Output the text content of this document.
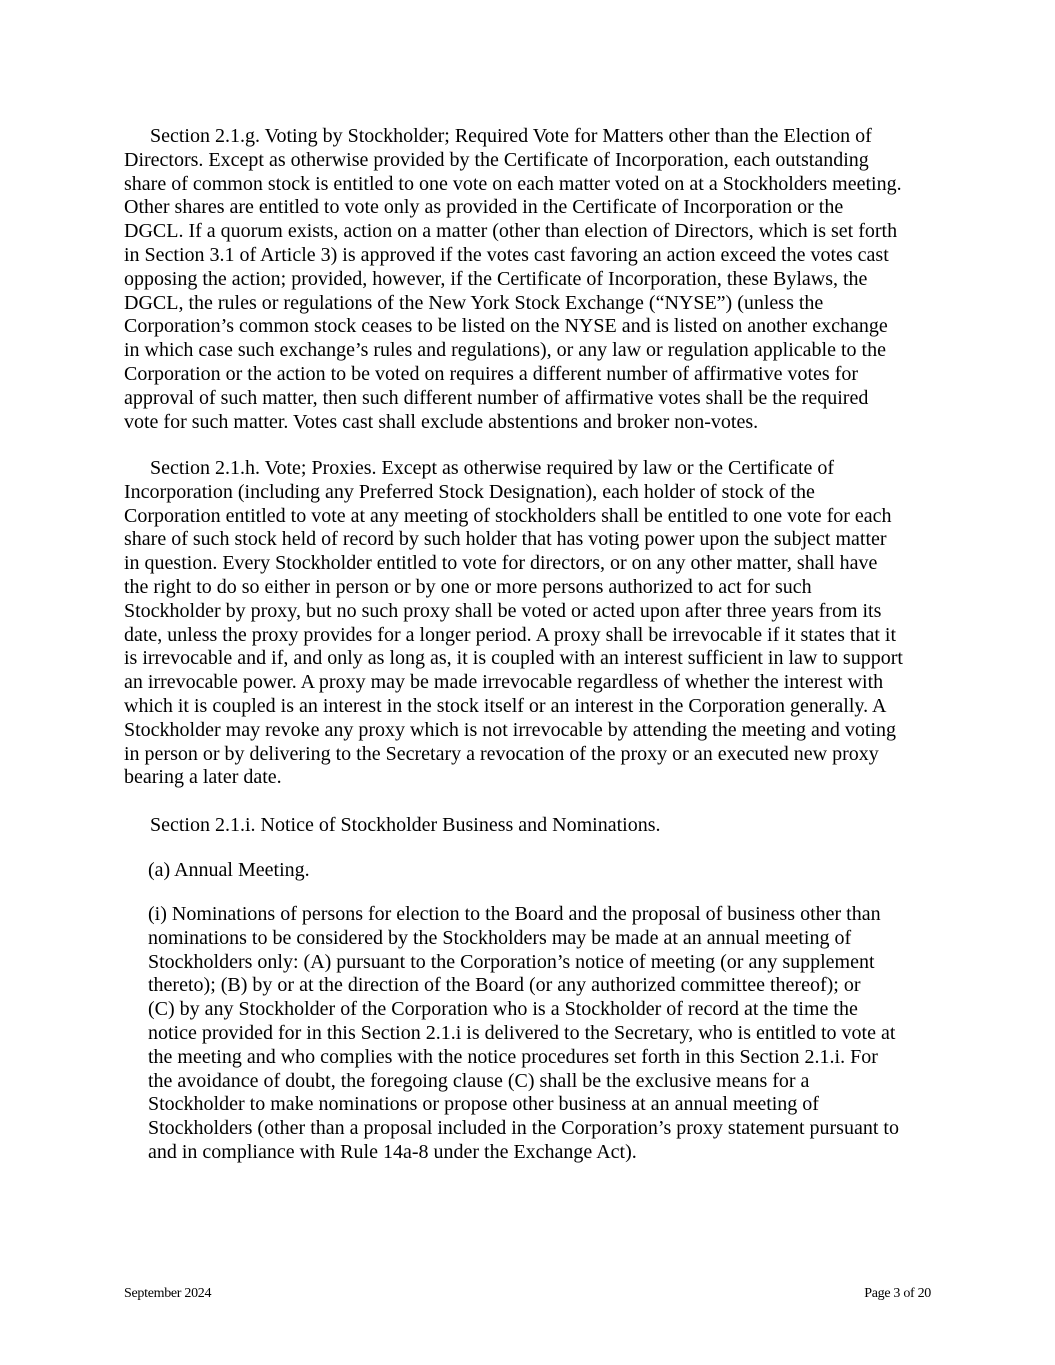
Section 2.1.g. Voting by Stockholder; Required Vote for Matters other than the Election of
Directors. Except as otherwise provided by the Certificate of Incorporation, each outstanding
share of common stock is entitled to one vote on each matter voted on at a Stockholders meeting.
Other shares are entitled to vote only as provided in the Certificate of Incorporation or the
DGCL. If a quorum exists, action on a matter (other than election of Directors, which is set forth
in Section 3.1 of Article 3) is approved if the votes cast favoring an action exceed the votes cast
opposing the action; provided, however, if the Certificate of Incorporation, these Bylaws, the
DGCL, the rules or regulations of the New York Stock Exchange (“NYSE”) (unless the
Corporation’s common stock ceases to be listed on the NYSE and is listed on another exchange
in which case such exchange’s rules and regulations), or any law or regulation applicable to the
Corporation or the action to be voted on requires a different number of affirmative votes for
approval of such matter, then such different number of affirmative votes shall be the required
vote for such matter. Votes cast shall exclude abstentions and broker non-votes.
Section 2.1.h. Vote; Proxies. Except as otherwise required by law or the Certificate of
Incorporation (including any Preferred Stock Designation), each holder of stock of the
Corporation entitled to vote at any meeting of stockholders shall be entitled to one vote for each
share of such stock held of record by such holder that has voting power upon the subject matter
in question. Every Stockholder entitled to vote for directors, or on any other matter, shall have
the right to do so either in person or by one or more persons authorized to act for such
Stockholder by proxy, but no such proxy shall be voted or acted upon after three years from its
date, unless the proxy provides for a longer period. A proxy shall be irrevocable if it states that it
is irrevocable and if, and only as long as, it is coupled with an interest sufficient in law to support
an irrevocable power. A proxy may be made irrevocable regardless of whether the interest with
which it is coupled is an interest in the stock itself or an interest in the Corporation generally. A
Stockholder may revoke any proxy which is not irrevocable by attending the meeting and voting
in person or by delivering to the Secretary a revocation of the proxy or an executed new proxy
bearing a later date.
Section 2.1.i. Notice of Stockholder Business and Nominations.
(a) Annual Meeting.
(i) Nominations of persons for election to the Board and the proposal of business other than
nominations to be considered by the Stockholders may be made at an annual meeting of
Stockholders only: (A) pursuant to the Corporation’s notice of meeting (or any supplement
thereto); (B) by or at the direction of the Board (or any authorized committee thereof); or
(C) by any Stockholder of the Corporation who is a Stockholder of record at the time the
notice provided for in this Section 2.1.i is delivered to the Secretary, who is entitled to vote at
the meeting and who complies with the notice procedures set forth in this Section 2.1.i. For
the avoidance of doubt, the foregoing clause (C) shall be the exclusive means for a
Stockholder to make nominations or propose other business at an annual meeting of
Stockholders (other than a proposal included in the Corporation’s proxy statement pursuant to
and in compliance with Rule 14a-8 under the Exchange Act).
September 2024	Page 3 of 20
